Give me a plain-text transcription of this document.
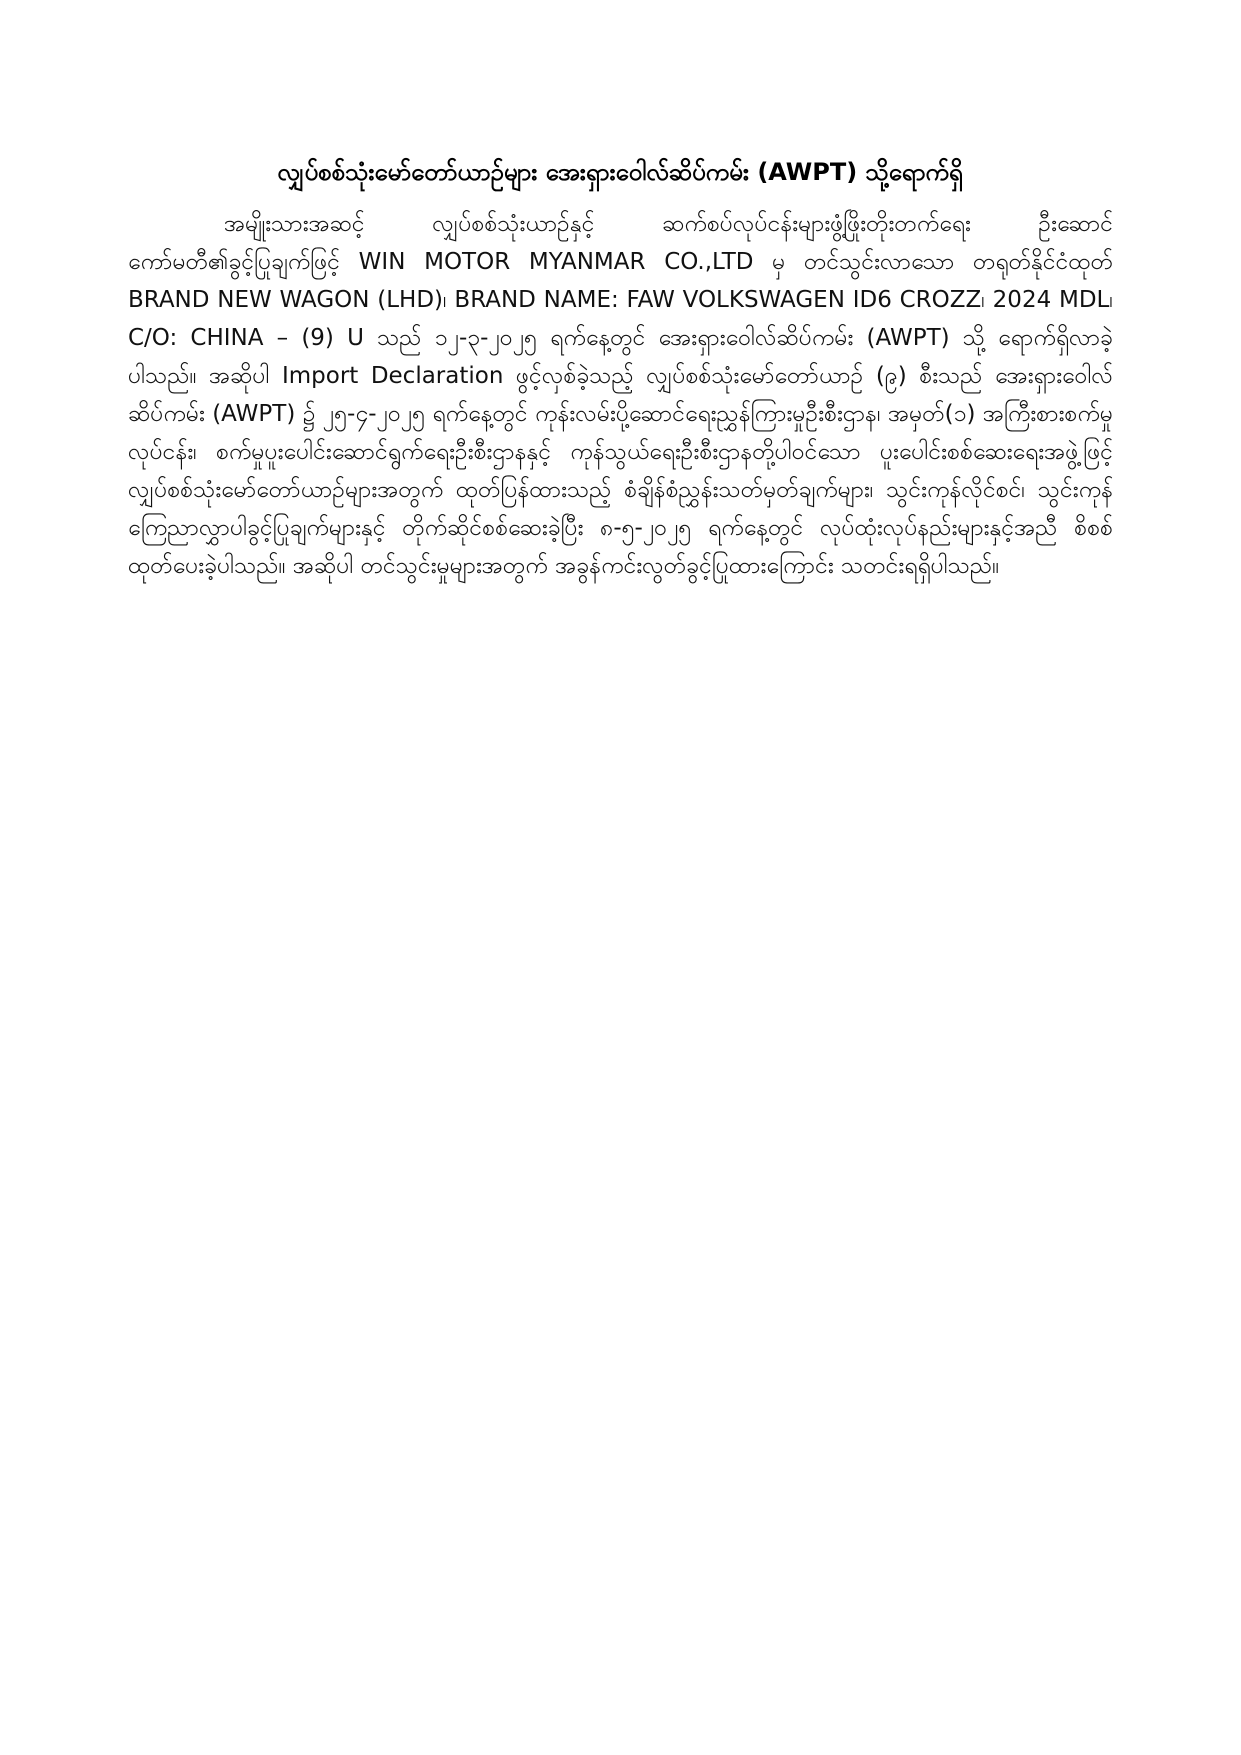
လျှပ်စစ်သုံးမော်တော်ယာဉ်များ အေးရှားဝေါလ်ဆိပ်ကမ်း (AWPT) သို့ရောက်ရှိ

အမျိုးသားအဆင့် လျှပ်စစ်သုံးယာဉ်နှင့် ဆက်စပ်လုပ်ငန်းများဖွံ့ဖြိုးတိုးတက်ရေး ဦးဆောင်ကော်မတီ၏ခွင့်ပြုချက်ဖြင့် WIN MOTOR MYANMAR CO.,LTD မှ တင်သွင်းလာသော တရုတ်နိုင်ငံထုတ် BRAND NEW WAGON (LHD)၊ BRAND NAME: FAW VOLKSWAGEN ID6 CROZZ၊ 2024 MDL၊ C/O: CHINA – (9) U သည် ၁၂-၃-၂၀၂၅ ရက်နေ့တွင် အေးရှားဝေါလ်ဆိပ်ကမ်း (AWPT) သို့ ရောက်ရှိလာခဲ့ပါသည်။ အဆိုပါ Import Declaration ဖွင့်လှစ်ခဲ့သည့် လျှပ်စစ်သုံးမော်တော်ယာဉ် (၉) စီးသည် အေးရှားဝေါလ်ဆိပ်ကမ်း (AWPT) ၌ ၂၅-၄-၂၀၂၅ ရက်နေ့တွင် ကုန်းလမ်းပို့ဆောင်ရေးညွှန်ကြားမှုဦးစီးဌာန၊ အမှတ်(၁) အကြီးစားစက်မှုလုပ်ငန်း၊ စက်မှုပူးပေါင်းဆောင်ရွက်ရေးဦးစီးဌာနနှင့် ကုန်သွယ်ရေးဦးစီးဌာနတို့ပါဝင်သော ပူးပေါင်းစစ်ဆေးရေးအဖွဲ့ဖြင့် လျှပ်စစ်သုံးမော်တော်ယာဉ်များအတွက် ထုတ်ပြန်ထားသည့် စံချိန်စံညွှန်းသတ်မှတ်ချက်များ၊ သွင်းကုန်လိုင်စင်၊ သွင်းကုန်ကြေညာလွှာပါခွင့်ပြုချက်များနှင့် တိုက်ဆိုင်စစ်ဆေးခဲ့ပြီး ၈-၅-၂၀၂၅ ရက်နေ့တွင် လုပ်ထုံးလုပ်နည်းများနှင့်အညီ စိစစ်ထုတ်ပေးခဲ့ပါသည်။ အဆိုပါ တင်သွင်းမှုများအတွက် အခွန်ကင်းလွတ်ခွင့်ပြုထားကြောင်း သတင်းရရှိပါသည်။
